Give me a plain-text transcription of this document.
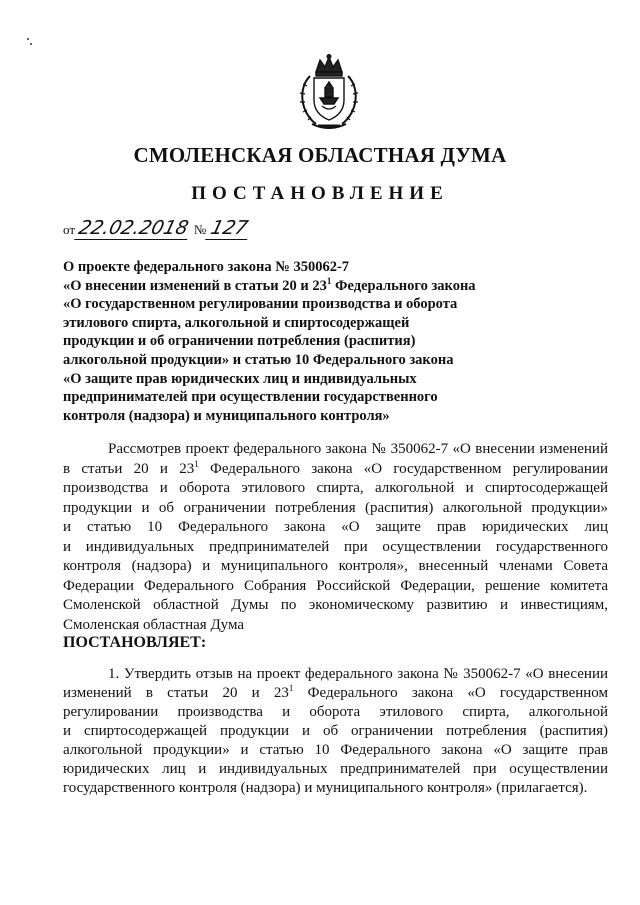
СМОЛЕНСКАЯ ОБЛАСТНАЯ ДУМА
ПОСТАНОВЛЕНИЕ
от22.02.2018 № 127
О проекте федерального закона № 350062-7
«О внесении изменений в статьи 20 и $23^1$ Федерального закона
«О государственном регулировании производства и оборота
этилового спирта, алкогольной и спиртосодержащей
продукции и об ограничении потребления (распития)
алкогольной продукции» и статью 10 Федерального закона
«О защите прав юридических лиц и индивидуальных
предпринимателей при осуществлении государственного
контроля (надзора) и муниципального контроля»
Рассмотрев проект федерального закона № 350062-7 «О внесении изменений
в статьи 20 и $23^1$ Федерального закона «О государственном регулировании
производства и оборота этилового спирта, алкогольной и спиртосодержащей
продукции и об ограничении потребления (распития) алкогольной продукции»
и статью 10 Федерального закона «О защите прав юридических лиц
и индивидуальных предпринимателей при осуществлении государственного
контроля (надзора) и муниципального контроля», внесенный членами Совета
Федерации Федерального Собрания Российской Федерации, решение комитета
Смоленской областной Думы по экономическому развитию и инвестициям,
Смоленская областная Дума
ПОСТАНОВЛЯЕТ:
1. Утвердить отзыв на проект федерального закона № 350062-7 «О внесении
изменений в статьи 20 и $23^1$ Федерального закона «О государственном
регулировании производства и оборота этилового спирта, алкогольной
и спиртосодержащей продукции и об ограничении потребления (распития)
алкогольной продукции» и статью 10 Федерального закона «О защите прав
юридических лиц и индивидуальных предпринимателей при осуществлении
государственного контроля (надзора) и муниципального контроля» (прилагается).
